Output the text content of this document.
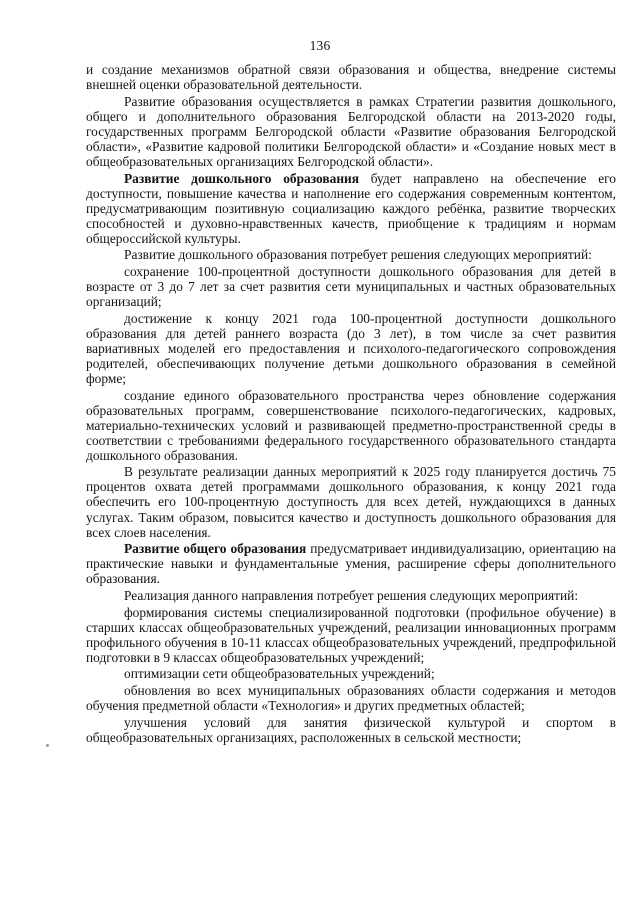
136

и создание механизмов обратной связи образования и общества, внедрение системы внешней оценки образовательной деятельности.

Развитие образования осуществляется в рамках Стратегии развития дошкольного, общего и дополнительного образования Белгородской области на 2013-2020 годы, государственных программ Белгородской области «Развитие образования Белгородской области», «Развитие кадровой политики Белгородской области» и «Создание новых мест в общеобразовательных организациях Белгородской области».

Развитие дошкольного образования будет направлено на обеспечение его доступности, повышение качества и наполнение его содержания современным контентом, предусматривающим позитивную социализацию каждого ребёнка, развитие творческих способностей и духовно-нравственных качеств, приобщение к традициям и нормам общероссийской культуры.

Развитие дошкольного образования потребует решения следующих мероприятий:

сохранение 100-процентной доступности дошкольного образования для детей в возрасте от 3 до 7 лет за счет развития сети муниципальных и частных образовательных организаций;

достижение к концу 2021 года 100-процентной доступности дошкольного образования для детей раннего возраста (до 3 лет), в том числе за счет развития вариативных моделей его предоставления и психолого-педагогического сопровождения родителей, обеспечивающих получение детьми дошкольного образования в семейной форме;

создание единого образовательного пространства через обновление содержания образовательных программ, совершенствование психолого-педагогических, кадровых, материально-технических условий и развивающей предметно-пространственной среды в соответствии с требованиями федерального государственного образовательного стандарта дошкольного образования.

В результате реализации данных мероприятий к 2025 году планируется достичь 75 процентов охвата детей программами дошкольного образования, к концу 2021 года обеспечить его 100-процентную доступность для всех детей, нуждающихся в данных услугах. Таким образом, повысится качество и доступность дошкольного образования для всех слоев населения.

Развитие общего образования предусматривает индивидуализацию, ориентацию на практические навыки и фундаментальные умения, расширение сферы дополнительного образования.

Реализация данного направления потребует решения следующих мероприятий:

формирования системы специализированной подготовки (профильное обучение) в старших классах общеобразовательных учреждений, реализации инновационных программ профильного обучения в 10-11 классах общеобразовательных учреждений, предпрофильной подготовки в 9 классах общеобразовательных учреждений;

оптимизации сети общеобразовательных учреждений;

обновления во всех муниципальных образованиях области содержания и методов обучения предметной области «Технология» и других предметных областей;

улучшения условий для занятия физической культурой и спортом в общеобразовательных организациях, расположенных в сельской местности;
